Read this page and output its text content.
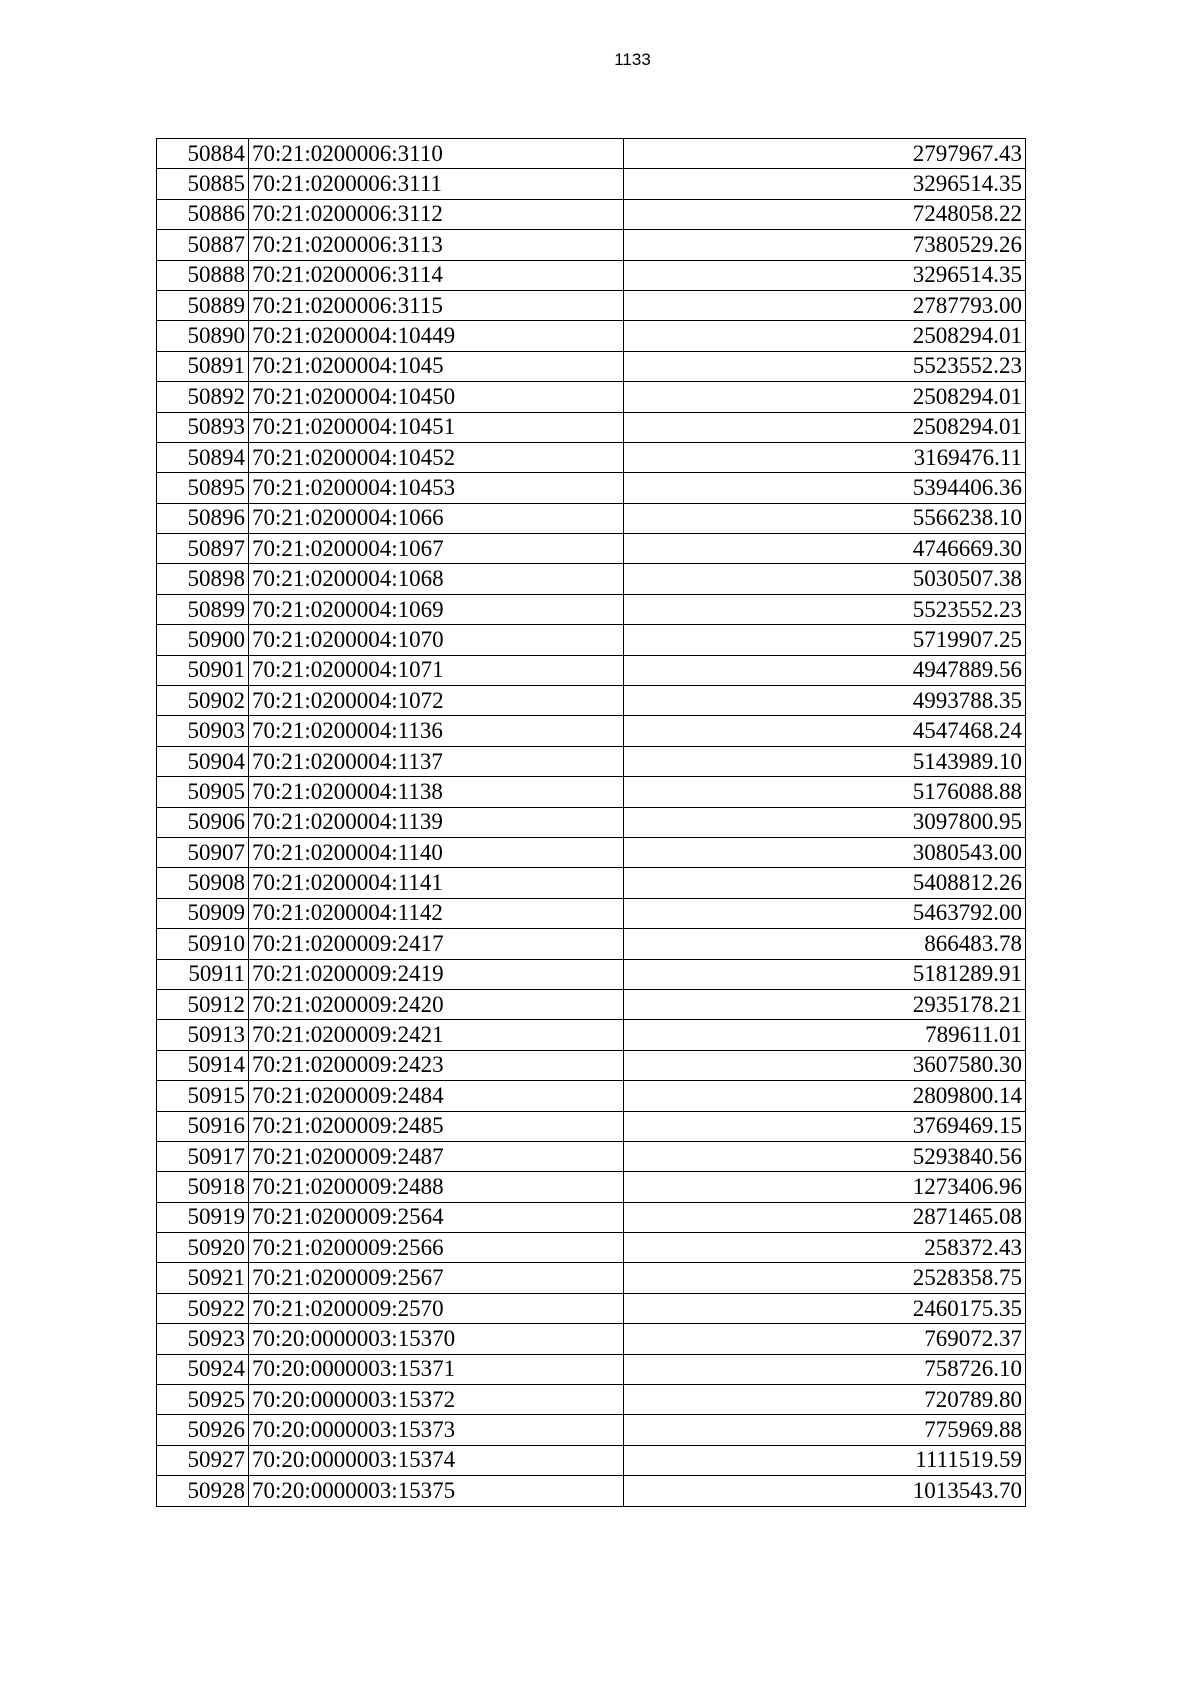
1133
50884	70:21:0200006:3110	2797967.43
50885	70:21:0200006:3111	3296514.35
50886	70:21:0200006:3112	7248058.22
50887	70:21:0200006:3113	7380529.26
50888	70:21:0200006:3114	3296514.35
50889	70:21:0200006:3115	2787793.00
50890	70:21:0200004:10449	2508294.01
50891	70:21:0200004:1045	5523552.23
50892	70:21:0200004:10450	2508294.01
50893	70:21:0200004:10451	2508294.01
50894	70:21:0200004:10452	3169476.11
50895	70:21:0200004:10453	5394406.36
50896	70:21:0200004:1066	5566238.10
50897	70:21:0200004:1067	4746669.30
50898	70:21:0200004:1068	5030507.38
50899	70:21:0200004:1069	5523552.23
50900	70:21:0200004:1070	5719907.25
50901	70:21:0200004:1071	4947889.56
50902	70:21:0200004:1072	4993788.35
50903	70:21:0200004:1136	4547468.24
50904	70:21:0200004:1137	5143989.10
50905	70:21:0200004:1138	5176088.88
50906	70:21:0200004:1139	3097800.95
50907	70:21:0200004:1140	3080543.00
50908	70:21:0200004:1141	5408812.26
50909	70:21:0200004:1142	5463792.00
50910	70:21:0200009:2417	866483.78
50911	70:21:0200009:2419	5181289.91
50912	70:21:0200009:2420	2935178.21
50913	70:21:0200009:2421	789611.01
50914	70:21:0200009:2423	3607580.30
50915	70:21:0200009:2484	2809800.14
50916	70:21:0200009:2485	3769469.15
50917	70:21:0200009:2487	5293840.56
50918	70:21:0200009:2488	1273406.96
50919	70:21:0200009:2564	2871465.08
50920	70:21:0200009:2566	258372.43
50921	70:21:0200009:2567	2528358.75
50922	70:21:0200009:2570	2460175.35
50923	70:20:0000003:15370	769072.37
50924	70:20:0000003:15371	758726.10
50925	70:20:0000003:15372	720789.80
50926	70:20:0000003:15373	775969.88
50927	70:20:0000003:15374	1111519.59
50928	70:20:0000003:15375	1013543.70
